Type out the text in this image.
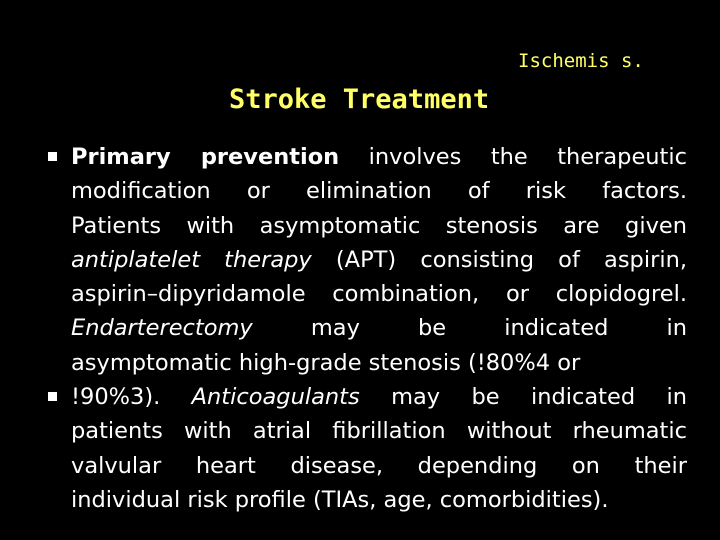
Ischemis s.
Stroke Treatment
Primary prevention involves the therapeutic
modification or elimination of risk factors.
Patients with asymptomatic stenosis are given
antiplatelet therapy (APT) consisting of aspirin,
aspirin–dipyridamole combination, or clopidogrel.
Endarterectomy may be indicated in
asymptomatic high-grade stenosis (!80%4 or
!90%3). Anticoagulants may be indicated in
patients with atrial fibrillation without rheumatic
valvular heart disease, depending on their
individual risk profile (TIAs, age, comorbidities).
